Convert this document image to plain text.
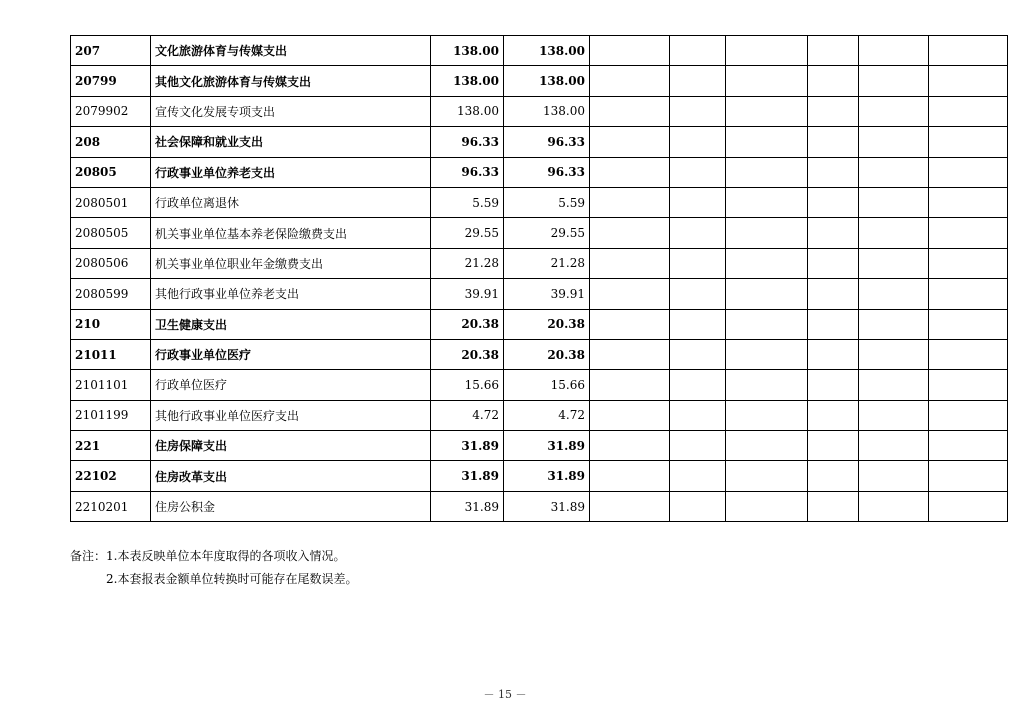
207	文化旅游体育与传媒支出	138.00	138.00						
20799	其他文化旅游体育与传媒支出	138.00	138.00						
2079902	宣传文化发展专项支出	138.00	138.00						
208	社会保障和就业支出	96.33	96.33						
20805	行政事业单位养老支出	96.33	96.33						
2080501	行政单位离退休	5.59	5.59						
2080505	机关事业单位基本养老保险缴费支出	29.55	29.55						
2080506	机关事业单位职业年金缴费支出	21.28	21.28						
2080599	其他行政事业单位养老支出	39.91	39.91						
210	卫生健康支出	20.38	20.38						
21011	行政事业单位医疗	20.38	20.38						
2101101	行政单位医疗	15.66	15.66						
2101199	其他行政事业单位医疗支出	4.72	4.72						
221	住房保障支出	31.89	31.89						
22102	住房改革支出	31.89	31.89						
2210201	住房公积金	31.89	31.89						
备注：1.本表反映单位本年度取得的各项收入情况。
2.本套报表金额单位转换时可能存在尾数误差。
－ 15 －
